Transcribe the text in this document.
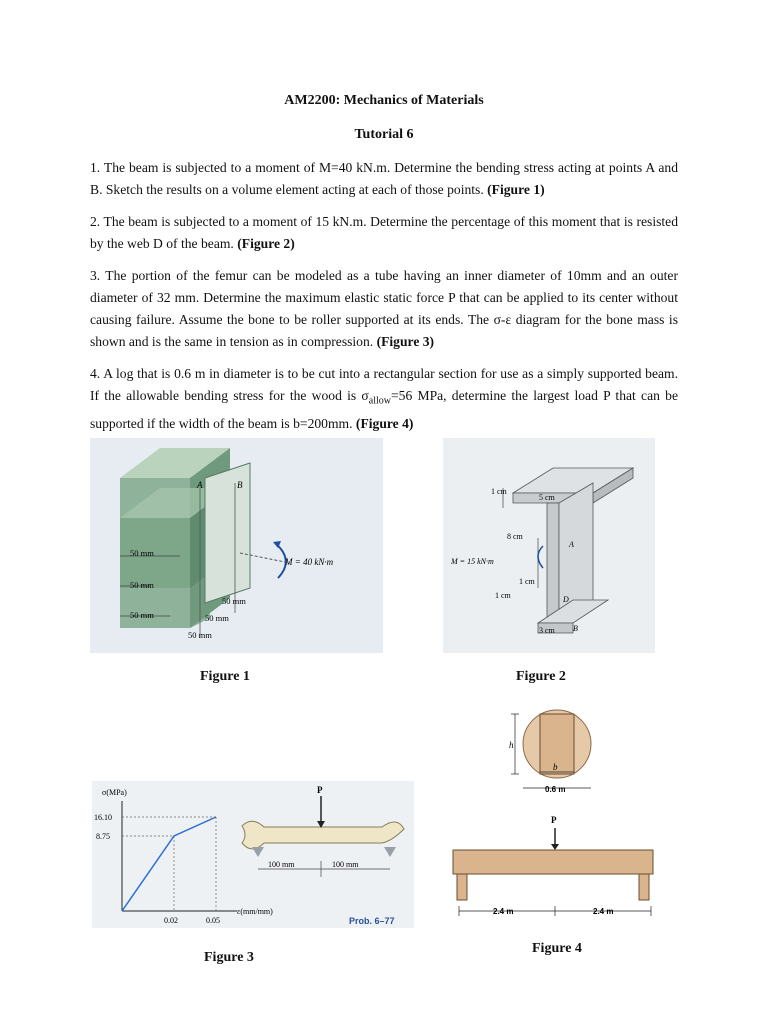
AM2200: Mechanics of Materials
Tutorial 6
1. The beam is subjected to a moment of M=40 kN.m. Determine the bending stress acting at points A and B. Sketch the results on a volume element acting at each of those points. (Figure 1)
2. The beam is subjected to a moment of 15 kN.m. Determine the percentage of this moment that is resisted by the web D of the beam. (Figure 2)
3. The portion of the femur can be modeled as a tube having an inner diameter of 10mm and an outer diameter of 32 mm. Determine the maximum elastic static force P that can be applied to its center without causing failure. Assume the bone to be roller supported at its ends. The σ-ε diagram for the bone mass is shown and is the same in tension as in compression. (Figure 3)
4. A log that is 0.6 m in diameter is to be cut into a rectangular section for use as a simply supported beam. If the allowable bending stress for the wood is $\sigma_{allow}=56$ MPa, determine the largest load P that can be supported if the width of the beam is b=200mm. (Figure 4)
A	B
M = 40 kN·m
50 mm
50 mm
50 mm
50 mm
50 mm
50 mm
Figure 1
1 cm
5 cm
8 cm
A
M = 15 kN·m
1 cm
1 cm	D
3 cm B
Figure 2
σ(MPa)
16.10
8.75
0.02	0.05
ε(mm/mm)
P
100 mm	100 mm
Prob. 6–77
Figure 3
h
b
0.6 m
P
2.4 m	2.4 m
Figure 4
